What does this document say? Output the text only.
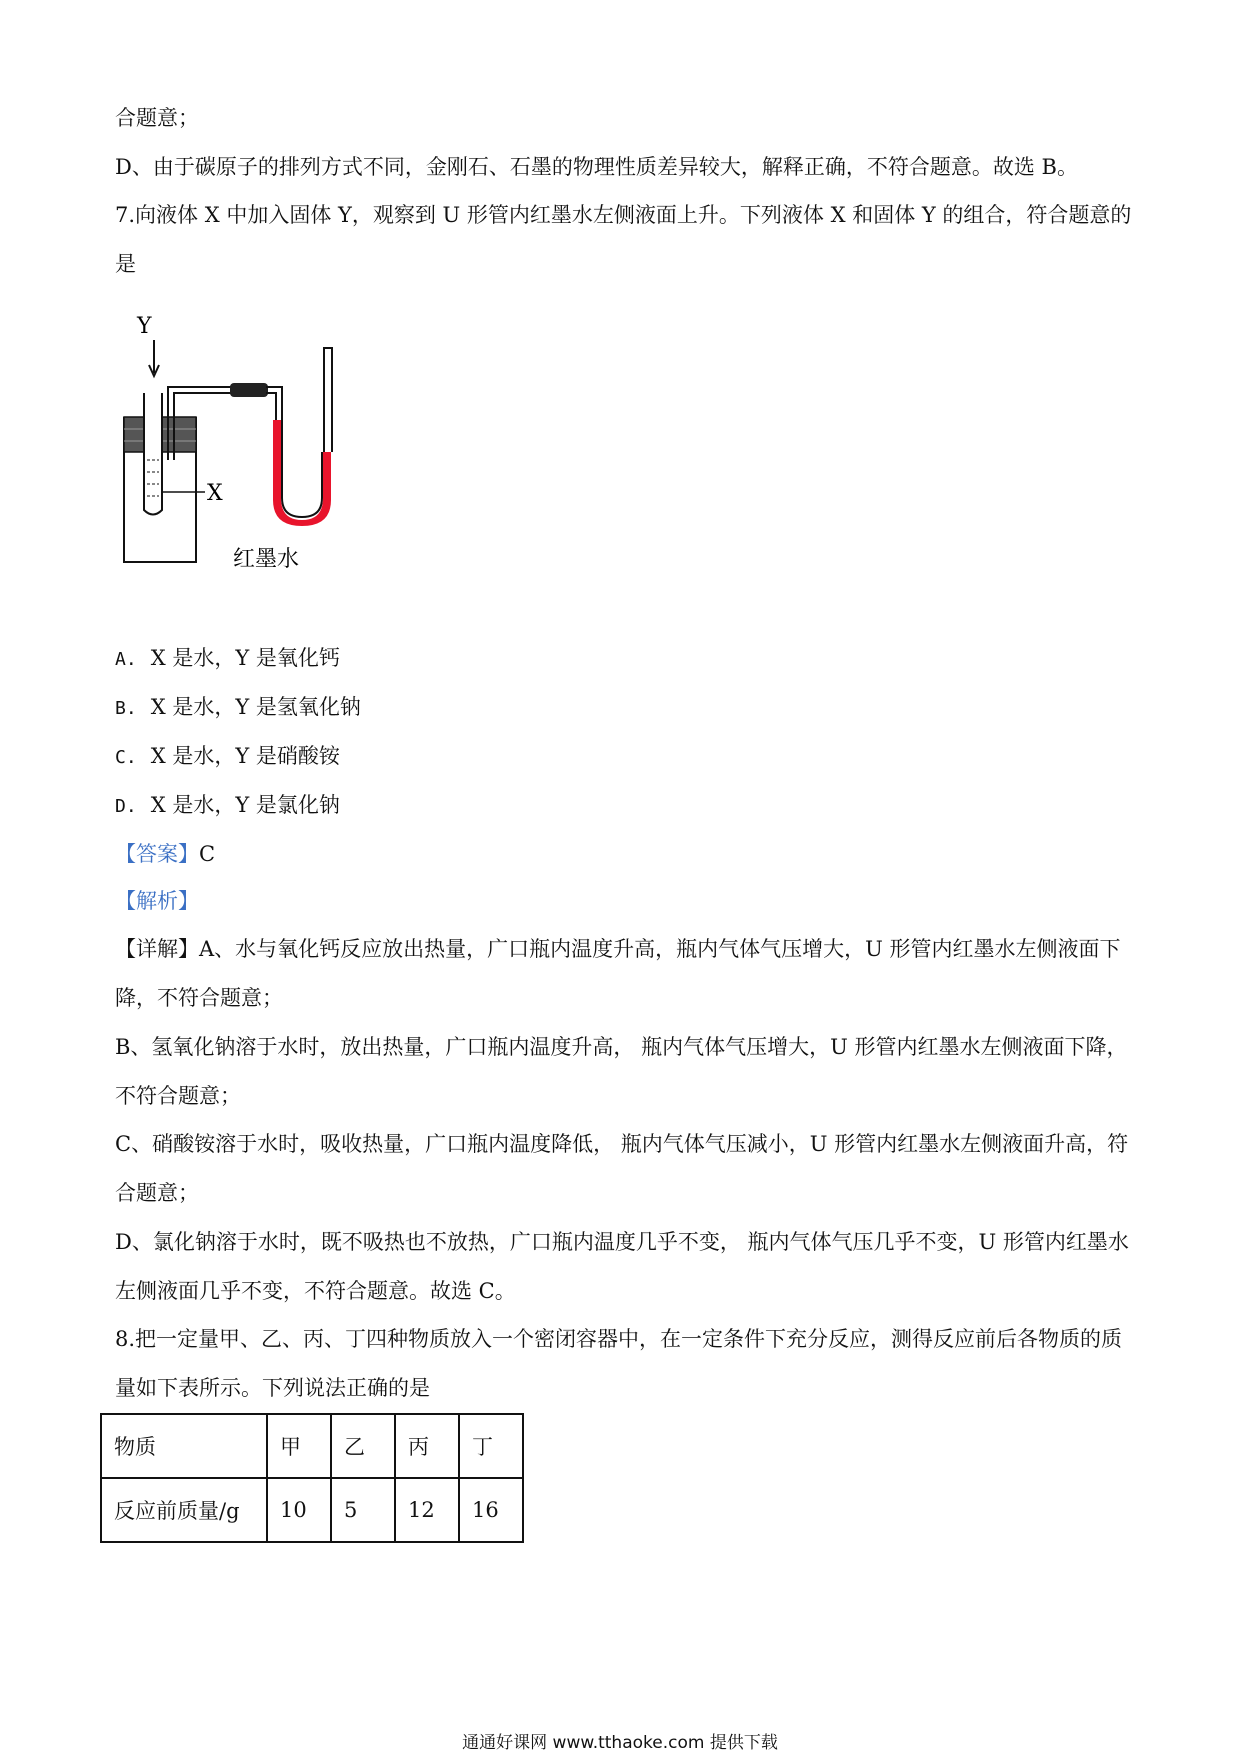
合题意；

D、由于碳原子的排列方式不同，金刚石、石墨的物理性质差异较大，解释正确，不符合题意。故选 B。

7.向液体 X 中加入固体 Y，观察到 U 形管内红墨水左侧液面上升。下列液体 X 和固体 Y 的组合，符合题意的是

Y
X
红墨水
A. X 是水，Y 是氧化钙
B. X 是水，Y 是氢氧化钠
C. X 是水，Y 是硝酸铵
D. X 是水，Y 是氯化钠
【答案】C
【解析】

【详解】A、水与氧化钙反应放出热量，广口瓶内温度升高，瓶内气体气压增大，U 形管内红墨水左侧液面下降，不符合题意；

B、氢氧化钠溶于水时，放出热量，广口瓶内温度升高， 瓶内气体气压增大，U 形管内红墨水左侧液面下降，不符合题意；

C、硝酸铵溶于水时，吸收热量，广口瓶内温度降低， 瓶内气体气压减小，U 形管内红墨水左侧液面升高，符合题意；

D、氯化钠溶于水时，既不吸热也不放热，广口瓶内温度几乎不变， 瓶内气体气压几乎不变，U 形管内红墨水左侧液面几乎不变，不符合题意。故选 C。

8.把一定量甲、乙、丙、丁四种物质放入一个密闭容器中，在一定条件下充分反应，测得反应前后各物质的质量如下表所示。下列说法正确的是

物质	甲	乙	丙	丁
反应前质量/g	10	5	12	16
通通好课网 www.tthaoke.com 提供下载
